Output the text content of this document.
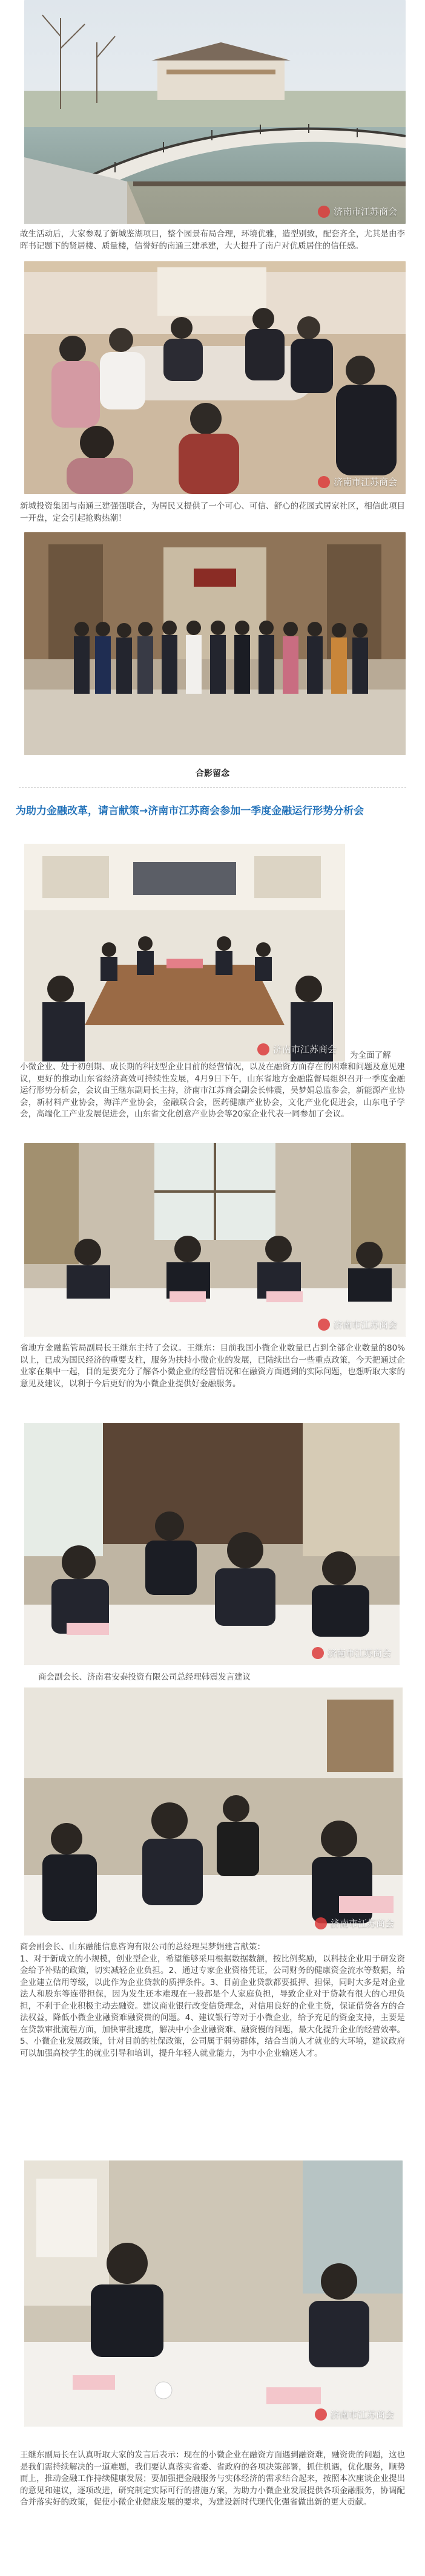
济南市江苏商会
故生活动后，大家参观了新城鉴湖项目，整个园景布局合理，环境优雅，造型别致，配套齐全，尤其是由李晖书记题下的贤居楼、质量楼，信誉好的南通三建承建，大大提升了南户对优质居住的信任感。
济南市江苏商会
新城投资集团与南通三建强强联合，为居民又提供了一个可心、可信、舒心的花园式居家社区，相信此项目一开盘，定会引起抢购热潮！
合影留念
为助力金融改革，请言献策→济南市江苏商会参加一季度金融运行形势分析会
济南市江苏商会
为全面了解
小微企业、处于初创期、成长期的科技型企业目前的经营情况，以及在融资方面存在的困难和问题及意见建议，更好的推动山东省经济高效可持续性发展，4月9日下午，山东省地方金融监督局组织召开一季度金融运行形势分析会，会议由王继东副局长主持，济南市江苏商会副会长韩震，吴梦娟总监参会，新能源产业协会，新材料产业协会，海洋产业协会，金融联合会，医药健康产业协会，文化产业化促进会，山东电子学会，高端化工产业发展促进会，山东省文化创意产业协会等20家企业代表一同参加了会议。
济南市江苏商会
省地方金融监管局副局长王继东主持了会议。王继东：目前我国小微企业数量已占到全部企业数量的80%以上，已成为国民经济的重要支柱，服务为扶持小微企业的发展，已陆续出台一些重点政策，今天把通过企业家在集中一起，目的是要充分了解各小微企业的经营情况和在融资方面遇到的实际问题，也想听取大家的意见及建议，以利于今后更好的为小微企业提供好金融服务。
济南市江苏商会
商会副会长、济南君安泰投资有限公司总经理韩震发言建议
济南市江苏商会
商会副会长、山东融能信息咨询有限公司的总经理吴梦娟建言献策：
1、对于新成立的小规模，创业型企业，希望能够采用根据数据数额，按比例奖励，以科技企业用于研发资金给予补贴的政策，切实减轻企业负担。2、通过专家企业资格凭证，公司财务的健康资金流水等数据，给企业建立信用等级，以此作为企业贷款的质押条件。3、目前企业贷款都要抵押、担保，同时大多是对企业法人和股东等连带担保，因为发生还本难现在一般都是个人家庭负担，导致企业对于贷款有很大的心理负担，不利于企业积极主动去融资。建议商业银行改变信贷理念，对信用良好的企业主贷，保证借贷各方的合法权益，降低小微企业融资难融资贵的问题。4、建议银行等对于小微企业，给予充足的资金支持，主要是在贷款审批流程方面，加快审批速度，解决中小企业融资难、融资慢的问题，最大化提升企业的经营效率。5、小微企业发展政策，针对目前的社保政策，公司属于弱势群体，结合当前人才就业的大环境，建议政府可以加强高校学生的就业引导和培训，提升年轻人就业能力，为中小企业输送人才。
济南市江苏商会
王继东副局长在认真听取大家的发言后表示：现在的小微企业在融资方面遇到融资难，融资贵的问题，这也是我们需持续解决的一道难题，我们要认真落实省委、省政府的各项决策部署，抓住机遇，优化服务，顺势而上，推动金融工作持续健康发展；要加强把金融服务与实体经济的需求结合起来，按照本次座谈企业提出的意见和建议，逐项改进，研究制定实际可行的措施方案，为助力小微企业发展提供各项金融服务，协调配合并落实好的政策，促使小微企业健康发展的要求，为建设新时代现代化强省做出新的更大贡献。
